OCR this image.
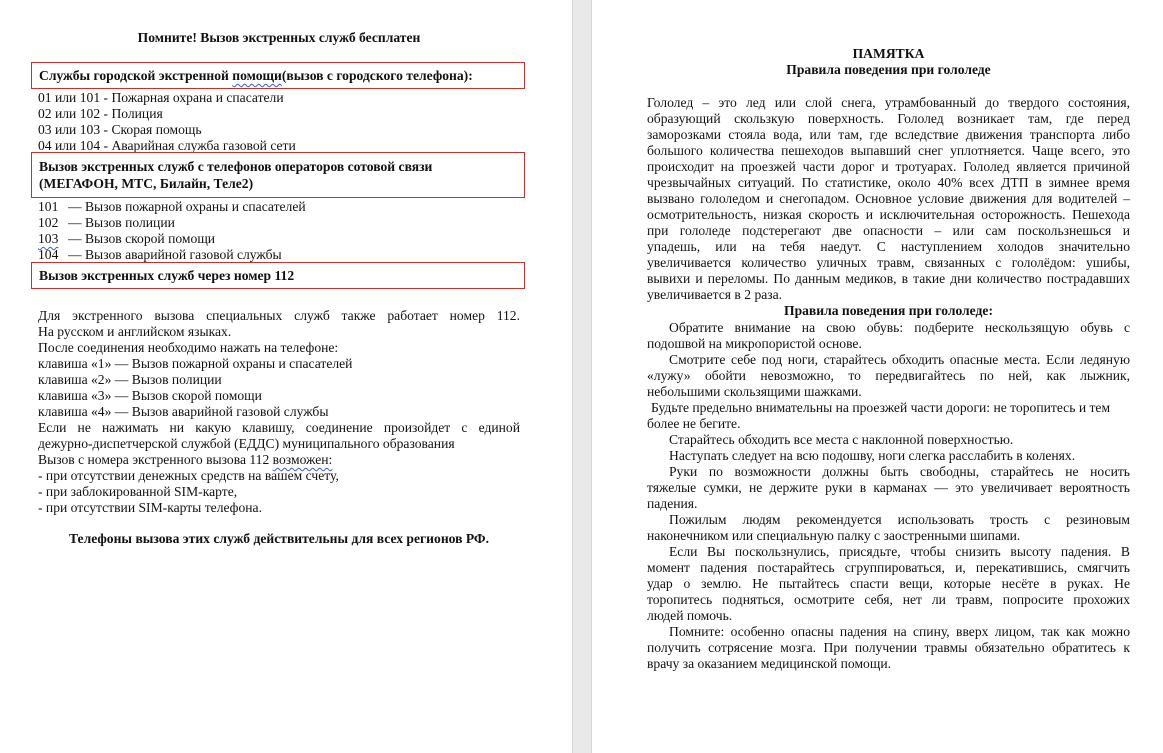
Помните! Вызов экстренных служб бесплатен
Службы городской экстренной помощи(вызов с городского телефона):
01 или 101 - Пожарная охрана и спасатели
02 или 102 - Полиция
03 или 103 - Скорая помощь
04 или 104 - Аварийная служба газовой сети
Вызов экстренных служб с телефонов операторов сотовой связи
(МЕГАФОН, МТС, Билайн, Теле2)
101 — Вызов пожарной охраны и спасателей
102 — Вызов полиции
103 — Вызов скорой помощи
104 — Вызов аварийной газовой службы
Вызов экстренных служб через номер 112
Для экстренного вызова специальных служб также работает номер 112.
На русском и английском языках.
После соединения необходимо нажать на телефоне:
клавиша «1» — Вызов пожарной охраны и спасателей
клавиша «2» — Вызов полиции
клавиша «3» — Вызов скорой помощи
клавиша «4» — Вызов аварийной газовой службы
Если не нажимать ни какую клавишу, соединение произойдет с единой
дежурно-диспетчерской службой (ЕДДС) муниципального образования
Вызов с номера экстренного вызова 112 возможен:
- при отсутствии денежных средств на вашем счету,
- при заблокированной SIM-карте,
- при отсутствии SIM-карты телефона.
Телефоны вызова этих служб действительны для всех регионов РФ.
ПАМЯТКА
Правила поведения при гололеде
Гололед – это лед или слой снега, утрамбованный до твердого состояния,
образующий скользкую поверхность. Гололед возникает там, где перед
заморозками стояла вода, или там, где вследствие движения транспорта либо
большого количества пешеходов выпавший снег уплотняется. Чаще всего, это
происходит на проезжей части дорог и тротуарах. Гололед является причиной
чрезвычайных ситуаций. По статистике, около 40% всех ДТП в зимнее время
вызвано гололедом и снегопадом. Основное условие движения для водителей –
осмотрительность, низкая скорость и исключительная осторожность. Пешехода
при гололеде подстерегают две опасности – или сам поскользнешься и
упадешь, или на тебя наедут. С наступлением холодов значительно
увеличивается количество уличных травм, связанных с гололёдом: ушибы,
вывихи и переломы. По данным медиков, в такие дни количество пострадавших
увеличивается в 2 раза.
Правила поведения при гололеде:
Обратите внимание на свою обувь: подберите нескользящую обувь с
подошвой на микропористой основе.
Смотрите себе под ноги, старайтесь обходить опасные места. Если ледяную
«лужу» обойти невозможно, то передвигайтесь по ней, как лыжник,
небольшими скользящими шажками.
Будьте предельно внимательны на проезжей части дороги: не торопитесь и тем
более не бегите.
Старайтесь обходить все места с наклонной поверхностью.
Наступать следует на всю подошву, ноги слегка расслабить в коленях.
Руки по возможности должны быть свободны, старайтесь не носить
тяжелые сумки, не держите руки в карманах — это увеличивает вероятность
падения.
Пожилым людям рекомендуется использовать трость с резиновым
наконечником или специальную палку с заостренными шипами.
Если Вы поскользнулись, присядьте, чтобы снизить высоту падения. В
момент падения постарайтесь сгруппироваться, и, перекатившись, смягчить
удар о землю. Не пытайтесь спасти вещи, которые несёте в руках. Не
торопитесь подняться, осмотрите себя, нет ли травм, попросите прохожих
людей помочь.
Помните: особенно опасны падения на спину, вверх лицом, так как можно
получить сотрясение мозга. При получении травмы обязательно обратитесь к
врачу за оказанием медицинской помощи.
